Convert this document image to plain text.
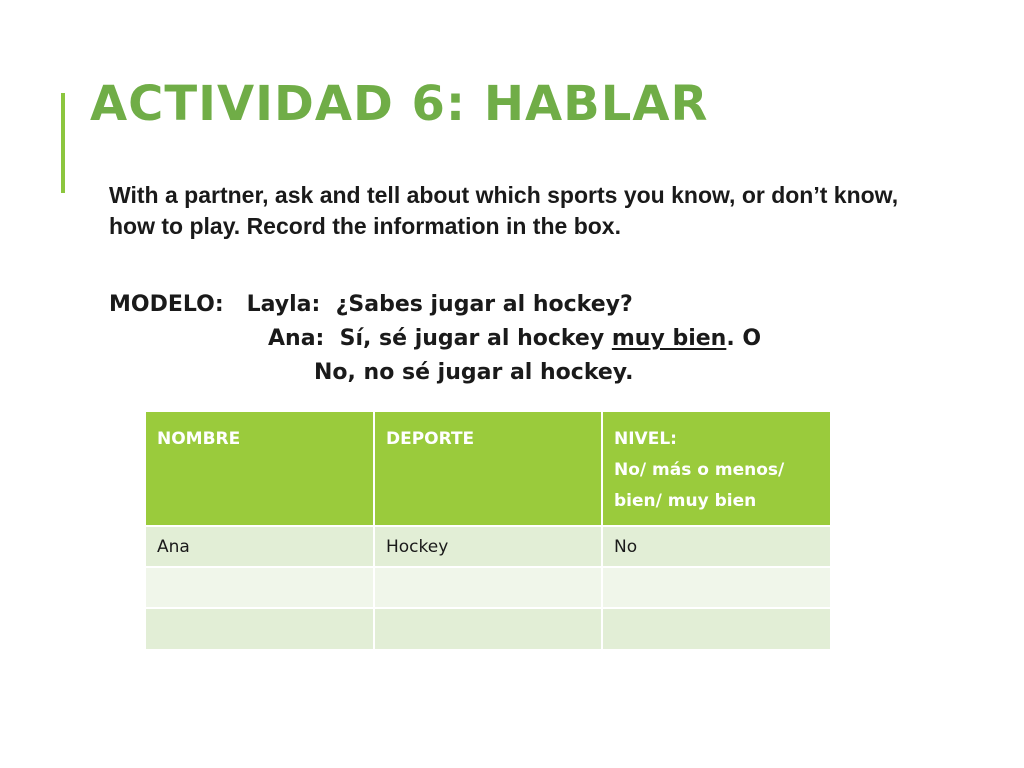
ACTIVIDAD 6: HABLAR

With a partner, ask and tell about which sports you know, or don’t know, how to play. Record the information in the box.

MODELO:   Layla:  ¿Sabes jugar al hockey?

Ana:  Sí, sé jugar al hockey muy bien. O

No, no sé jugar al hockey.

NOMBRE	DEPORTE	NIVEL:
No/ más o menos/
bien/ muy bien

Ana	Hockey	No
